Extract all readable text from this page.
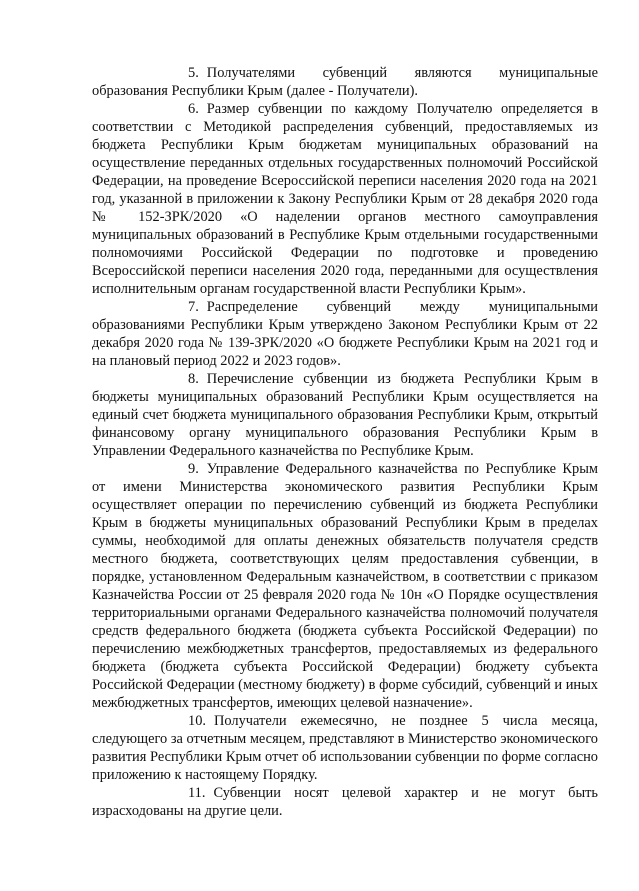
5. Получателями субвенций являются муниципальные образования Республики Крым (далее - Получатели).

6. Размер субвенции по каждому Получателю определяется в соответствии с Методикой распределения субвенций, предоставляемых из бюджета Республики Крым бюджетам муниципальных образований на осуществление переданных отдельных государственных полномочий Российской Федерации, на проведение Всероссийской переписи населения 2020 года на 2021 год, указанной в приложении к Закону Республики Крым от 28 декабря 2020 года № 152-ЗРК/2020 «О наделении органов местного самоуправления муниципальных образований в Республике Крым отдельными государственными полномочиями Российской Федерации по подготовке и проведению Всероссийской переписи населения 2020 года, переданными для осуществления исполнительным органам государственной власти Республики Крым».

7. Распределение субвенций между муниципальными образованиями Республики Крым утверждено Законом Республики Крым от 22 декабря 2020 года № 139-ЗРК/2020 «О бюджете Республики Крым на 2021 год и на плановый период 2022 и 2023 годов».

8. Перечисление субвенции из бюджета Республики Крым в бюджеты муниципальных образований Республики Крым осуществляется на единый счет бюджета муниципального образования Республики Крым, открытый финансовому органу муниципального образования Республики Крым в Управлении Федерального казначейства по Республике Крым.

9. Управление Федерального казначейства по Республике Крым от имени Министерства экономического развития Республики Крым осуществляет операции по перечислению субвенций из бюджета Республики Крым в бюджеты муниципальных образований Республики Крым в пределах суммы, необходимой для оплаты денежных обязательств получателя средств местного бюджета, соответствующих целям предоставления субвенции, в порядке, установленном Федеральным казначейством, в соответствии с приказом Казначейства России от 25 февраля 2020 года № 10н «О Порядке осуществления территориальными органами Федерального казначейства полномочий получателя средств федерального бюджета (бюджета субъекта Российской Федерации) по перечислению межбюджетных трансфертов, предоставляемых из федерального бюджета (бюджета субъекта Российской Федерации) бюджету субъекта Российской Федерации (местному бюджету) в форме субсидий, субвенций и иных межбюджетных трансфертов, имеющих целевой назначение».

10. Получатели ежемесячно, не позднее 5 числа месяца, следующего за отчетным месяцем, представляют в Министерство экономического развития Республики Крым отчет об использовании субвенции по форме согласно приложению к настоящему Порядку.

11. Субвенции носят целевой характер и не могут быть израсходованы на другие цели.
